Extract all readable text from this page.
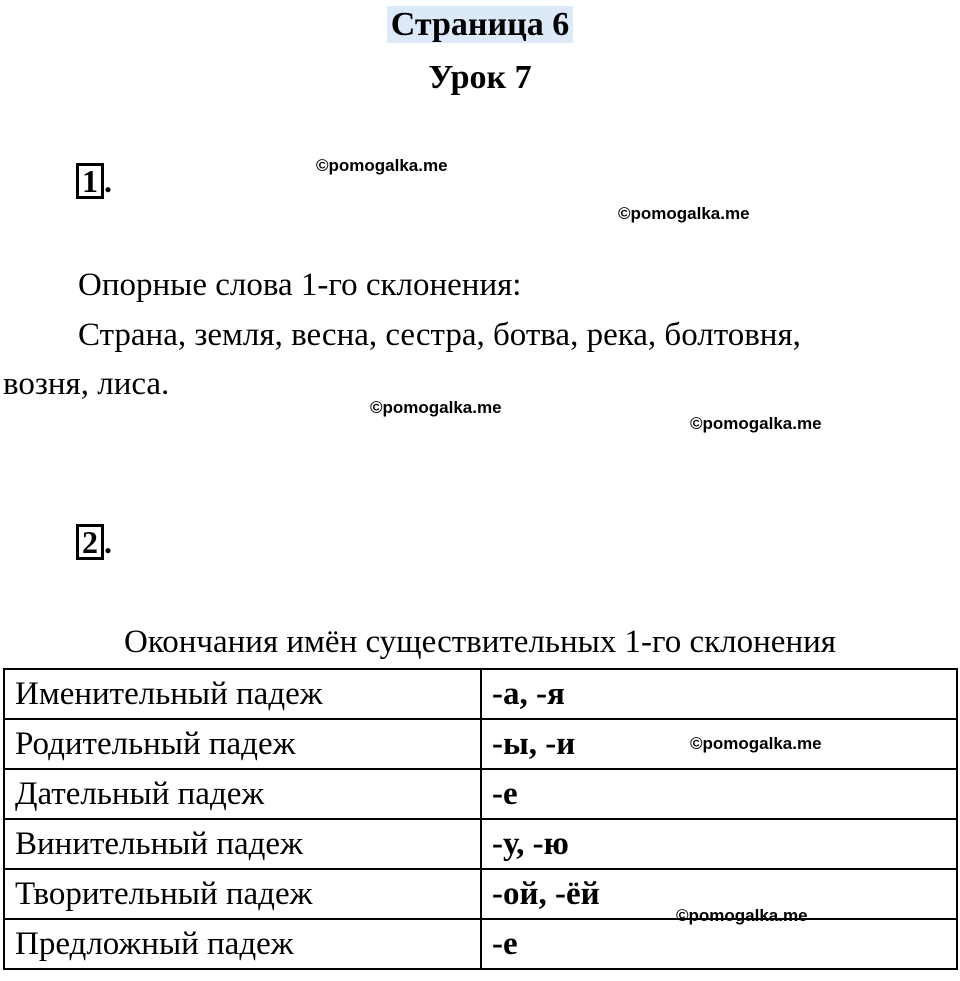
Страница 6
Урок 7
1 .	©pomogalka.me
©pomogalka.me
Опорные слова 1-го склонения:
Страна, земля, весна, сестра, ботва, река, болтовня,
возня, лиса.
©pomogalka.me
©pomogalka.me
2 .
Окончания имён существительных 1-го склонения
Именительный падеж	-а, -я
Родительный падеж	-ы, -и
Дательный падеж	-е
Винительный падеж	-у, -ю
Творительный падеж	-ой, -ёй
Предложный падеж	-е
©pomogalka.me
©pomogalka.me
